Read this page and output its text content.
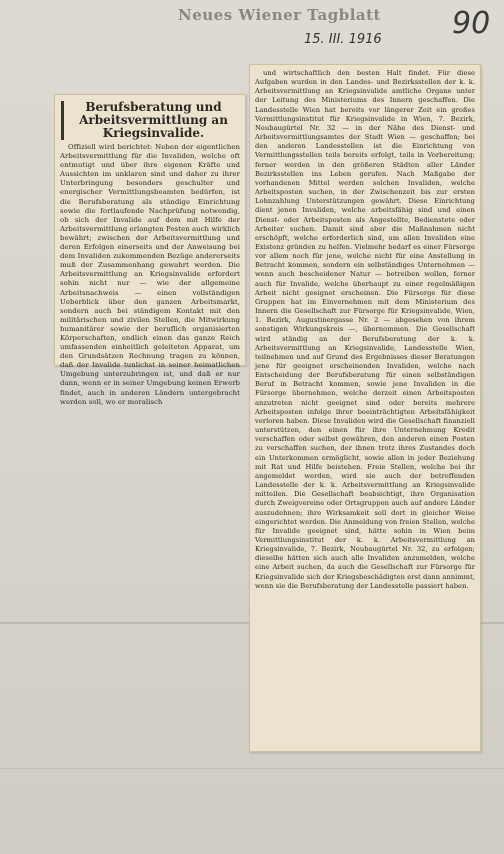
Neues Wiener Tagblatt
15. III. 1916 90
Berufsberatung und Arbeitsvermittlung an Kriegsinvalide.

Offiziell wird berichtet: Neben der eigentlichen Arbeitsvermittlung für die Invaliden, welche oft entmutigt und über ihre eigenen Kräfte und Aussichten im unklaren sind und daher zu ihrer Unterbringung besonders geschulter und energischer Vermittlungsbeamten bedürfen, ist die Berufsberatung als ständige Einrichtung sowie die fortlaufende Nachprüfung notwendig, ob sich der Invalide auf dem mit Hilfe der Arbeitsvermittlung erlangten Posten auch wirklich bewährt; zwischen der Arbeitsvermittlung und deren Erfolgen einerseits und der Anweisung bei dem Invaliden zukommenden Bezüge andererseits muß der Zusammenhang gewahrt werden. Die Arbeitsvermittlung an Kriegsinvalide erfordert sohin nicht nur — wie der allgemeine Arbeitsnachweis — einen vollständigen Ueberblick über den ganzen Arbeitsmarkt, sondern auch bei ständigem Kontakt mit den militärischen und zivilen Stellen, die Mitwirkung humanitärer sowie der beruflich organisierten Körperschaften, endlich einen das ganze Reich umfassenden einheitlich geleiteten Apparat, um den Grundsätzen Rechnung tragen zu können, daß der Invalide tunlichst in seiner heimatlichen Umgebung unterzubringen ist, und daß er nur dann, wenn er in seiner Umgebung keinen Erwerb findet, auch in anderen Ländern untergebracht werden soll, wo er moralisch

und wirtschaftlich den besten Halt findet. Für diese Aufgaben wurden in den Landes- und Bezirksstellen der k. k. Arbeitsvermittlung an Kriegsinvalide amtliche Organe unter der Leitung des Ministeriums des Innern geschaffen. Die Landesstelle Wien hat bereits vor längerer Zeit ein großes Vermittlungsinstitut für Kriegsinvalide in Wien, 7. Bezirk, Neubaugürtel Nr. 32 — in der Nähe des Dienst- und Arbeitsvermittlungsamtes der Stadt Wien — geschaffen; bei den anderen Landesstellen ist die Einrichtung von Vermittlungsstellen teils bereits erfolgt, teils in Vorbereitung; ferner werden in den größeren Städten aller Länder Bezirksstellen ins Leben gerufen. Nach Maßgabe der vorhandenen Mittel werden solchen Invaliden, welche Arbeitsposten suchen, in der Zwischenzeit bis zur ersten Lohnzahlung Unterstützungen gewährt. Diese Einrichtung dient jenen Invaliden, welche arbeitsfähig sind und einen Dienst- oder Arbeitsposten als Angestellte, Bedienstete oder Arbeiter suchen. Damit sind aber die Maßnahmen nicht erschöpft, welche erforderlich sind, um allen Invaliden eine Existenz gründen zu helfen. Vielmehr bedarf es einer Fürsorge vor allem noch für jene, welche nicht für eine Anstellung in Betracht kommen, sondern ein selbständiges Unternehmen — wenn auch bescheidener Natur — betreiben wollen, ferner auch für Invalide, welche überhaupt zu einer regelmäßigen Arbeit nicht geeignet erscheinen. Die Fürsorge für diese Gruppen hat im Einvernehmen mit dem Ministerium des Innern die Gesellschaft zur Fürsorge für Kriegsinvalide, Wien, 1. Bezirk, Augustinergasse Nr. 2 — abgesehen von ihrem sonstigen Wirkungskreis —, übernommen. Die Gesellschaft wird ständig an der Berufsberatung der k. k. Arbeitsvermittlung an Kriegsinvalide, Landesstelle Wien, teilnehmen und auf Grund des Ergebnisses dieser Beratungen jene für geeignet erscheinenden Invaliden, welche nach Entscheidung der Berufsberatung für einen selbständigen Beruf in Betracht kommen, sowie jene Invaliden in die Fürsorge übernehmen, welche derzeit einen Arbeitsposten anzutreten nicht geeignet sind oder bereits mehrere Arbeitsposten infolge ihrer beeinträchtigten Arbeitsfähigkeit verloren haben. Diese Invaliden wird die Gesellschaft finanziell unterstützen, den einen für ihre Unternehmung Kredit verschaffen oder selbst gewähren, den anderen einen Posten zu verschaffen suchen, der ihnen trotz ihres Zustandes doch ein Unterkommen ermöglicht, sowie allen in jeder Beziehung mit Rat und Hilfe beistehen. Freie Stellen, welche bei ihr angemeldet werden, wird sie auch der betreffenden Landesstelle der k. k. Arbeitsvermittlung an Kriegsinvalide mitteilen. Die Gesellschaft beabsichtigt, ihre Organisation durch Zweigvereine oder Ortsgruppen auch auf andere Länder auszudehnen; ihre Wirksamkeit soll dort in gleicher Weise eingerichtet werden. Die Anmeldung von freien Stellen, welche für Invalide geeignet sind, hätte sohin in Wien beim Vermittlungsinstitut der k. k. Arbeitsvermittlung an Kriegsinvalide, 7. Bezirk, Neubaugürtel Nr. 32, zu erfolgen; dieselbe hätten sich auch alle Invaliden anzumelden, welche eine Arbeit suchen, da auch die Gesellschaft zur Fürsorge für Kriegsinvalide sich der Kriegsbeschädigten erst dann annimmt, wenn sie die Berufsberatung der Landesstelle passiert haben.
